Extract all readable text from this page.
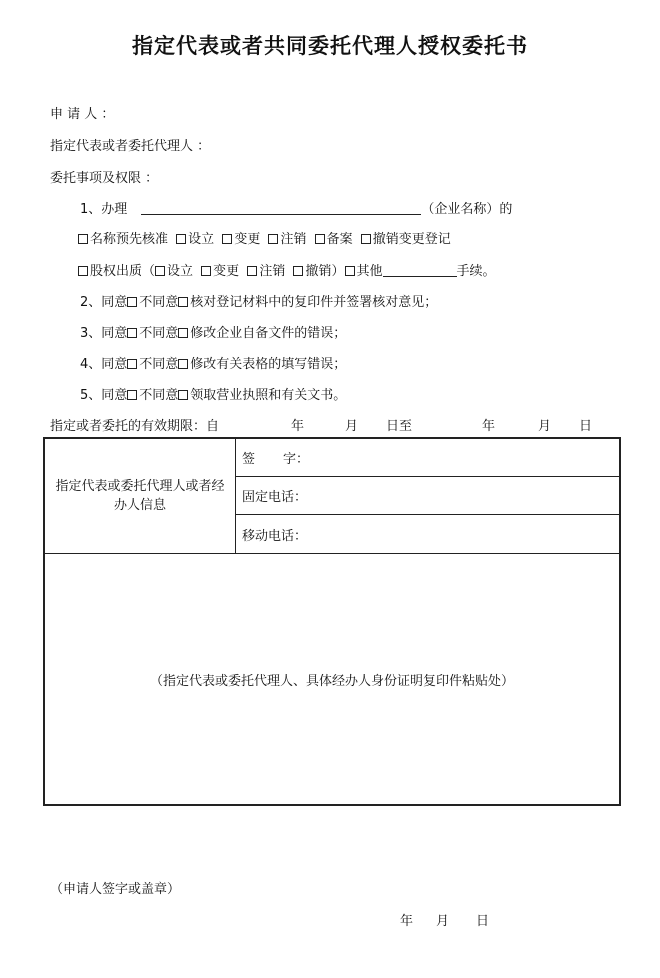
指定代表或者共同委托代理人授权委托书
申 请 人 ：
指定代表或者委托代理人 ：
委托事项及权限 ：
1、办理	（企业名称）的
名称预先核准 设立 变更 注销 备案 撤销变更登记
股权出质（ 设立 变更 注销 撤销） 其他	手续。
2、同意 不同意 核对登记材料中的复印件并签署核对意见；
3、同意 不同意 修改企业自备文件的错误；
4、同意 不同意 修改有关表格的填写错误；
5、同意 不同意 领取营业执照和有关文书。
指定或者委托的有效期限：自	年	月 日至	年	月 日
指定代表或委托代理人或者经办人信息
	签 字：
固定电话：
移动电话：
（指定代表或委托代理人、具体经办人身份证明复印件粘贴处）
（申请人签字或盖章）
年 月 日
